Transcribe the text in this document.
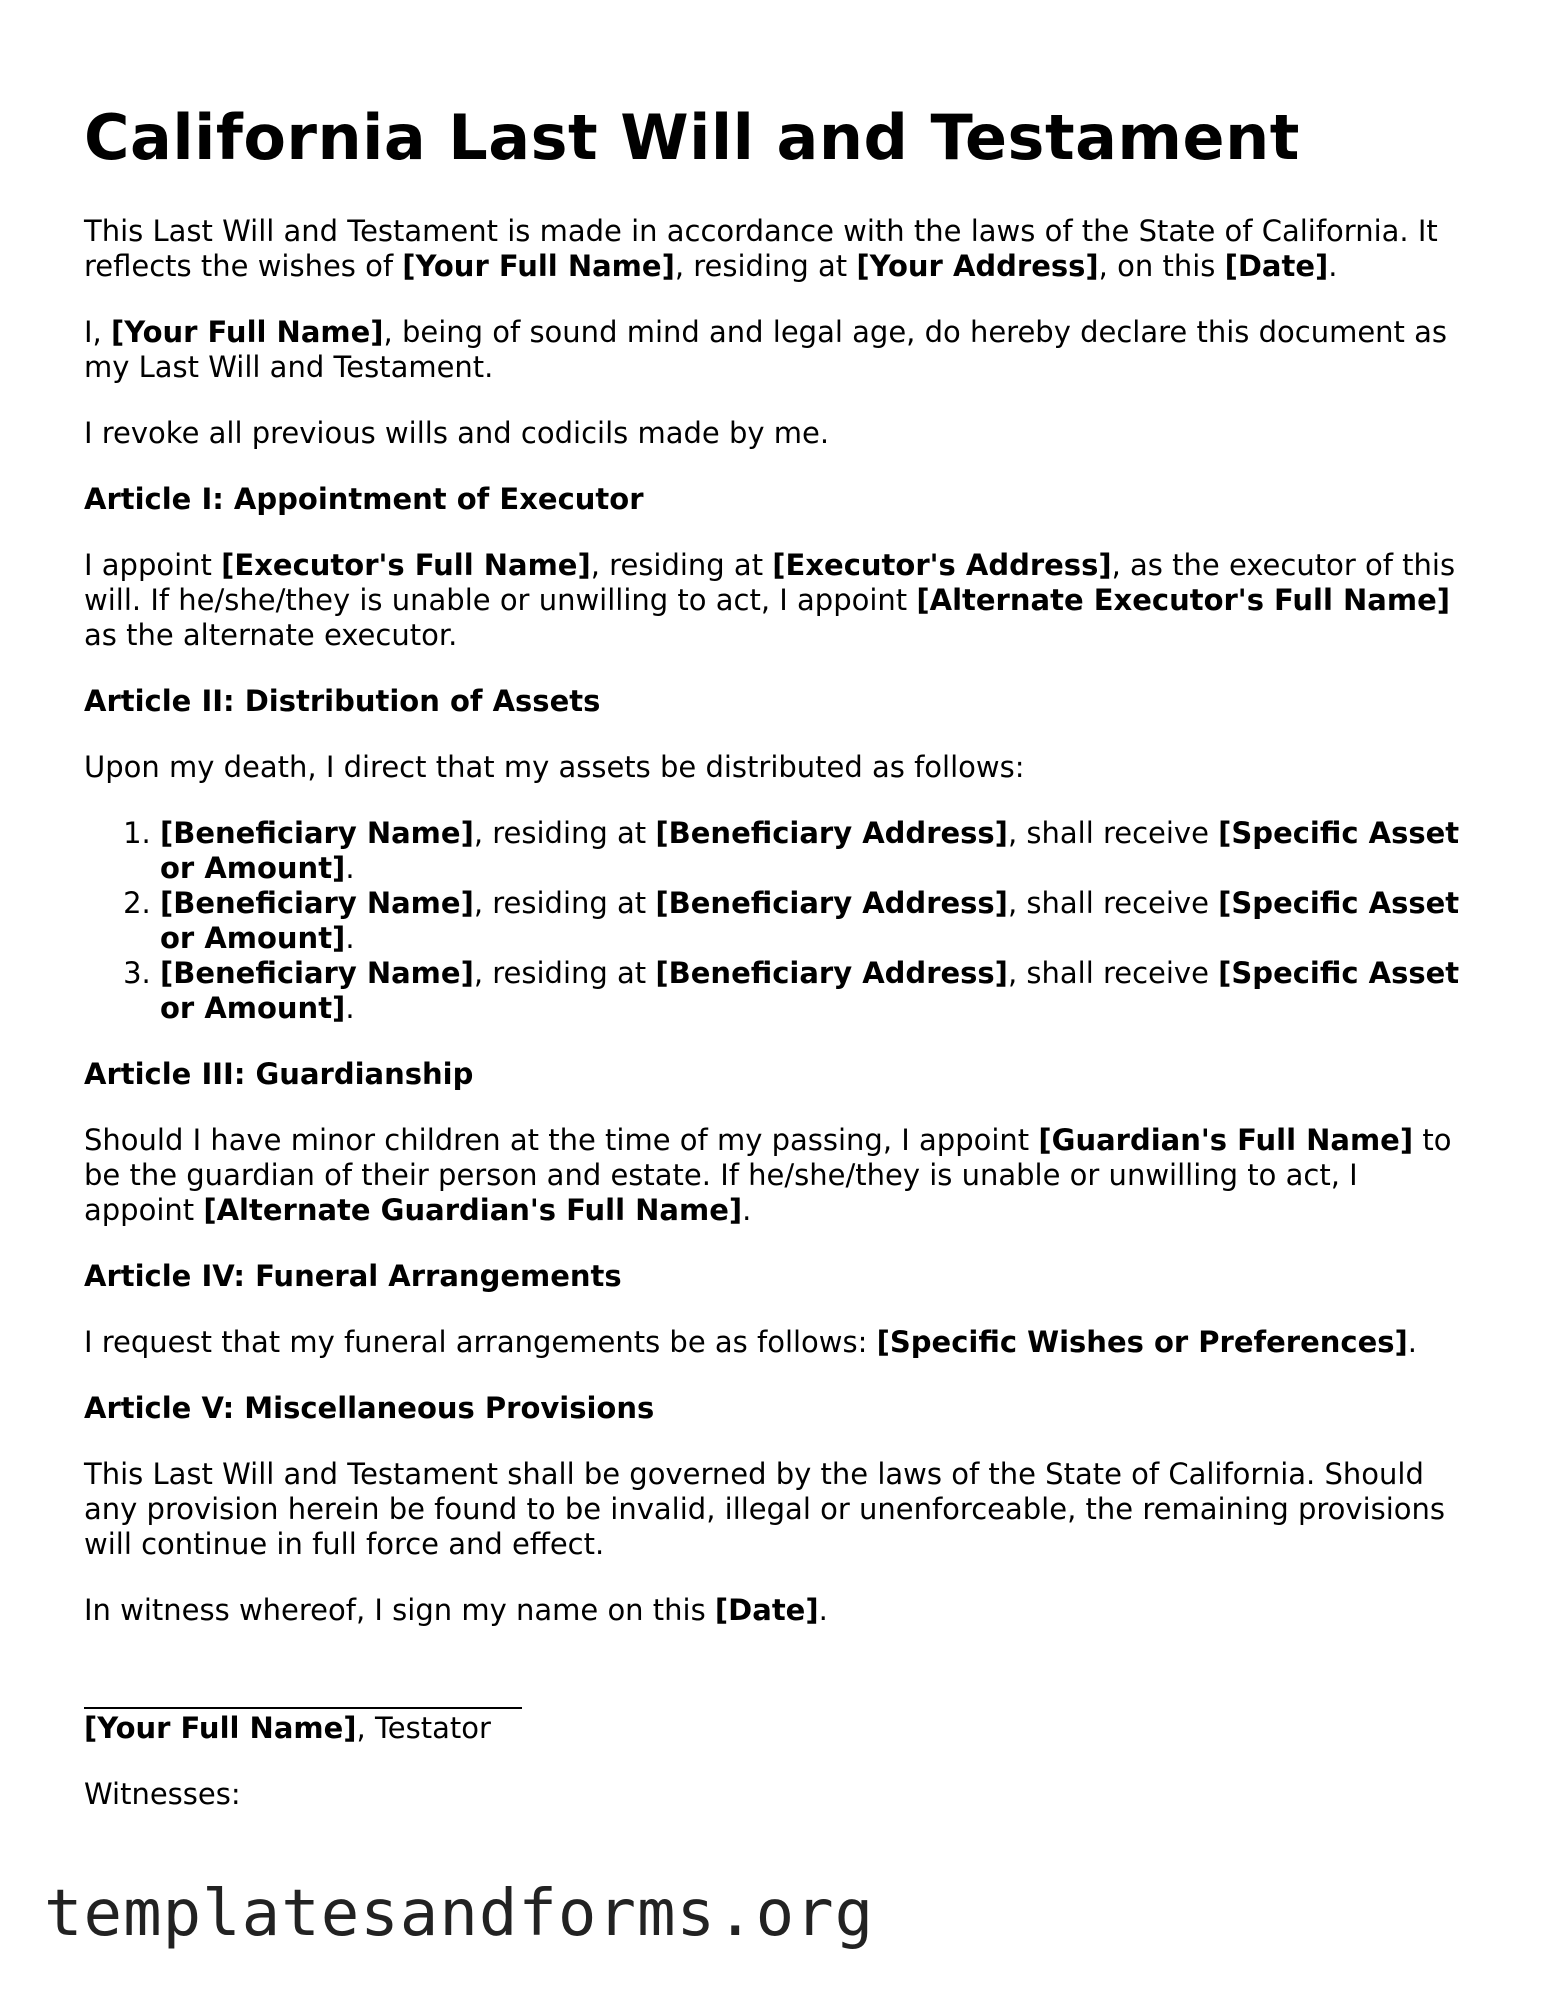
California Last Will and Testament

This Last Will and Testament is made in accordance with the laws of the State of California. It reflects the wishes of [Your Full Name], residing at [Your Address], on this [Date].

I, [Your Full Name], being of sound mind and legal age, do hereby declare this document as my Last Will and Testament.

I revoke all previous wills and codicils made by me.

Article I: Appointment of Executor

I appoint [Executor's Full Name], residing at [Executor's Address], as the executor of this will. If he/she/they is unable or unwilling to act, I appoint [Alternate Executor's Full Name] as the alternate executor.

Article II: Distribution of Assets

Upon my death, I direct that my assets be distributed as follows:

1. [Beneficiary Name], residing at [Beneficiary Address], shall receive [Specific Asset or Amount].
2. [Beneficiary Name], residing at [Beneficiary Address], shall receive [Specific Asset or Amount].
3. [Beneficiary Name], residing at [Beneficiary Address], shall receive [Specific Asset or Amount].
Article III: Guardianship

Should I have minor children at the time of my passing, I appoint [Guardian's Full Name] to be the guardian of their person and estate. If he/she/they is unable or unwilling to act, I appoint [Alternate Guardian's Full Name].

Article IV: Funeral Arrangements

I request that my funeral arrangements be as follows: [Specific Wishes or Preferences].

Article V: Miscellaneous Provisions

This Last Will and Testament shall be governed by the laws of the State of California. Should any provision herein be found to be invalid, illegal or unenforceable, the remaining provisions will continue in full force and effect.

In witness whereof, I sign my name on this [Date].

[Your Full Name], Testator
Witnesses:
templatesandforms.org
